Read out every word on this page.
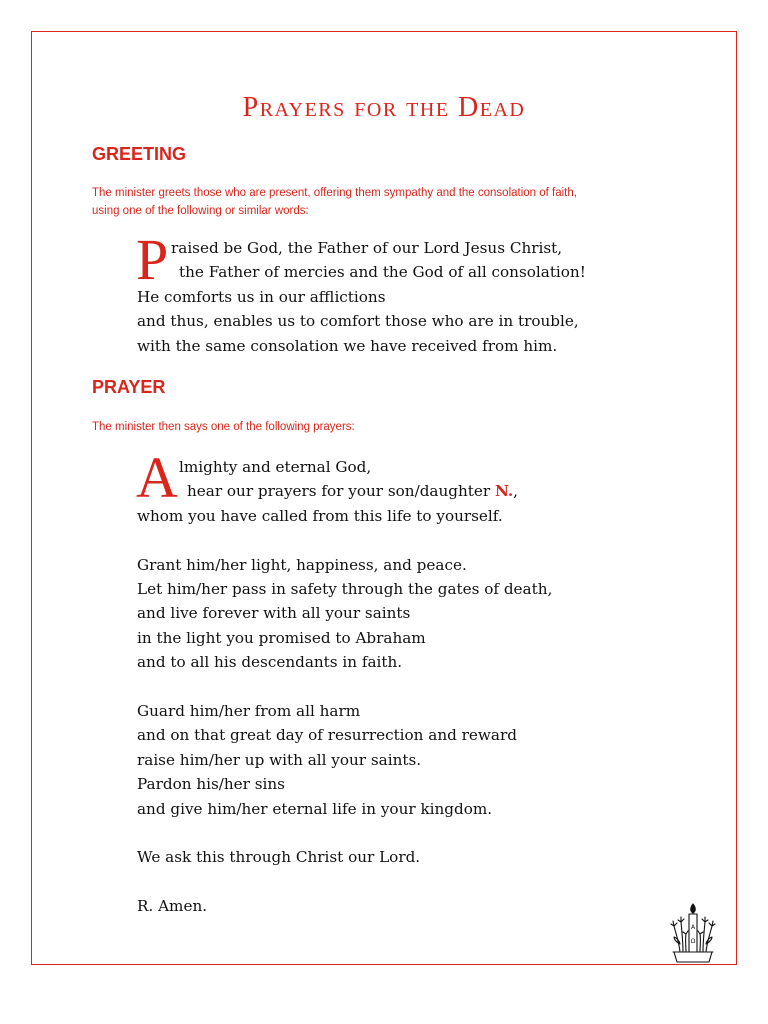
Prayers for the Dead
GREETING
The minister greets those who are present, offering them sympathy and the consolation of faith,
using one of the following or similar words:
P raised be God, the Father of our Lord Jesus Christ,
the Father of mercies and the God of all consolation!
He comforts us in our afflictions
and thus, enables us to comfort those who are in trouble,
with the same consolation we have received from him.
PRAYER
The minister then says one of the following prayers:
A lmighty and eternal God,
hear our prayers for your son/daughter N.,
whom you have called from this life to yourself.
Grant him/her light, happiness, and peace.
Let him/her pass in safety through the gates of death,
and live forever with all your saints
in the light you promised to Abraham
and to all his descendants in faith.
Guard him/her from all harm
and on that great day of resurrection and reward
raise him/her up with all your saints.
Pardon his/her sins
and give him/her eternal life in your kingdom.
We ask this through Christ our Lord.
R. Amen.
A
Ω
